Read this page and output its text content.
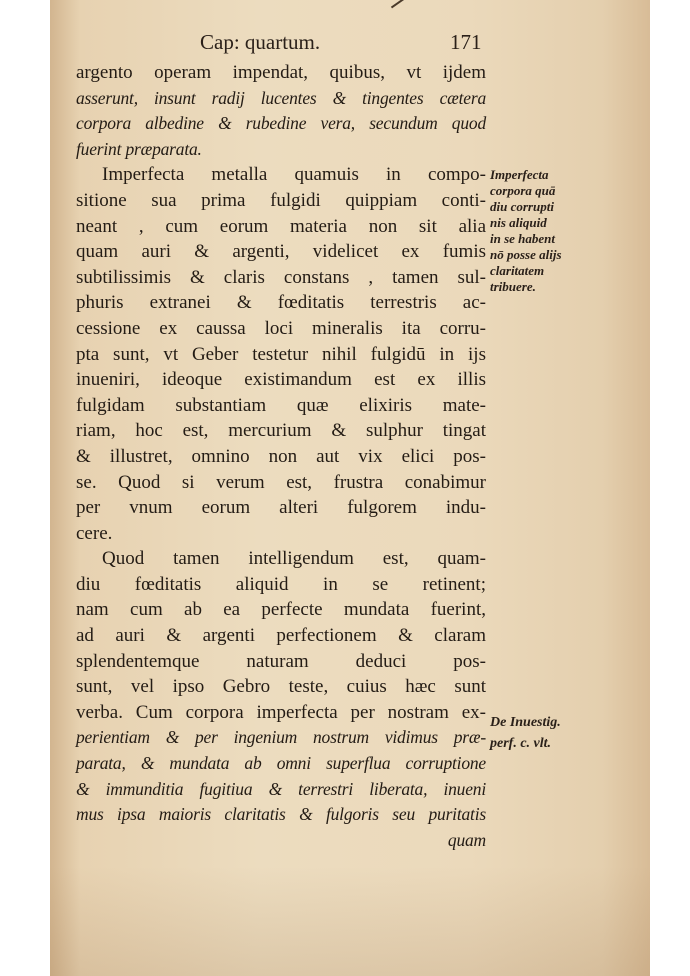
Cap: quartum.	171
argento operam impendat, quibus, vt ijdem
asserunt, insunt radij lucentes & tingentes cætera
corpora albedine & rubedine vera, secundum quod
fuerint præparata.
Imperfecta metalla quamuis in compo-
sitione sua prima fulgidi quippiam conti-
neant , cum eorum materia non sit alia
quam auri & argenti, videlicet ex fumis
subtilissimis & claris constans , tamen sul-
phuris extranei & fœditatis terrestris ac-
cessione ex caussa loci mineralis ita corru-
pta sunt, vt Geber testetur nihil fulgidū in ijs
inueniri, ideoque existimandum est ex illis
fulgidam substantiam quæ elixiris mate-
riam, hoc est, mercurium & sulphur tingat
& illustret, omnino non aut vix elici pos-
se. Quod si verum est, frustra conabimur
per vnum eorum alteri fulgorem indu-
cere.
Quod tamen intelligendum est, quam-
diu fœditatis aliquid in se retinent;
nam cum ab ea perfecte mundata fuerint,
ad auri & argenti perfectionem & claram
splendentemque naturam deduci pos-
sunt, vel ipso Gebro teste, cuius hæc sunt
verba. Cum corpora imperfecta per nostram ex-
perientiam & per ingenium nostrum vidimus præ-
parata, & mundata ab omni superflua corruptione
& immunditia fugitiua & terrestri liberata, inueni
mus ipsa maioris claritatis & fulgoris seu puritatis
quam
Imperfecta
corpora quā
diu corrupti
nis aliquid
in se habent
nō posse alijs
claritatem
tribuere.
De Inuestig.
perf. c. vlt.
